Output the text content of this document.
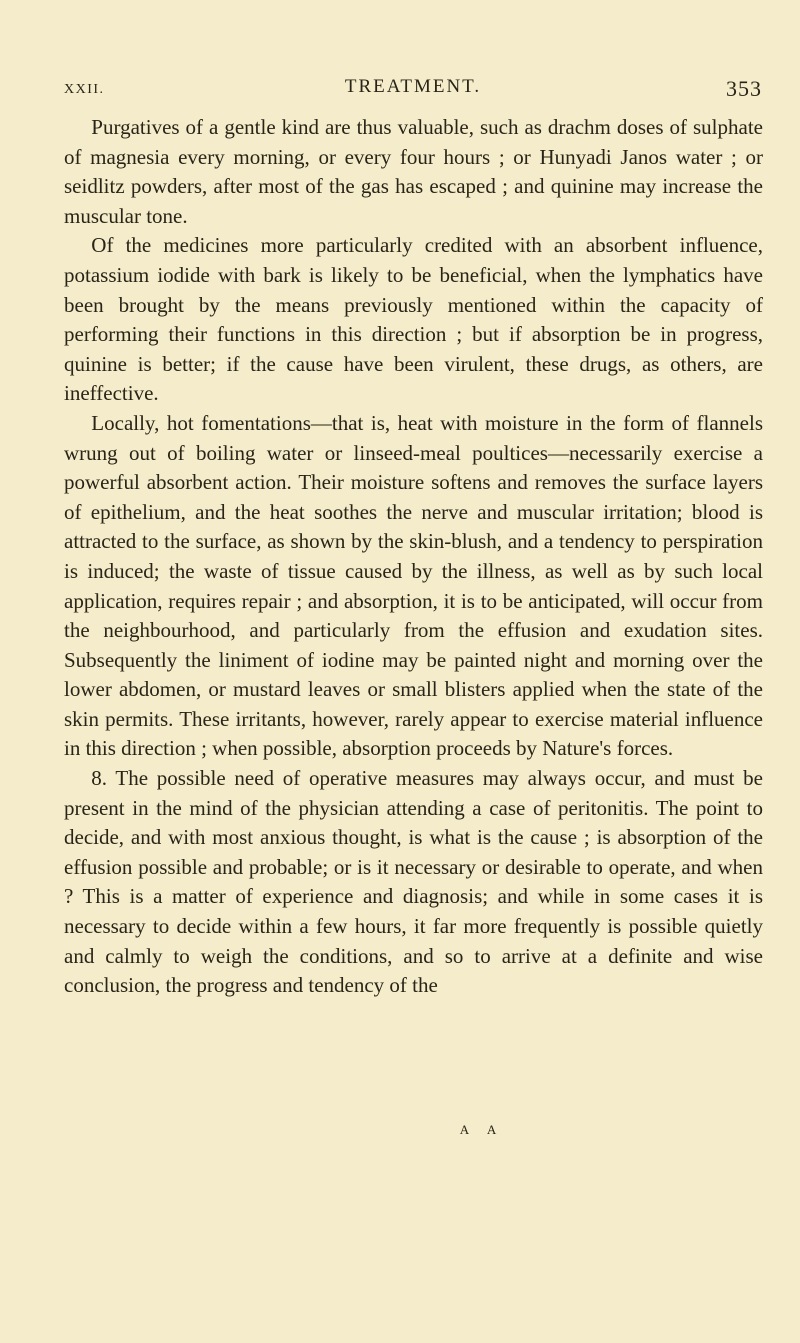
XXII.	TREATMENT.	353

Purgatives of a gentle kind are thus valuable, such as drachm doses of sulphate of magnesia every morning, or every four hours ; or Hunyadi Janos water ; or seidlitz powders, after most of the gas has escaped ; and quinine may increase the muscular tone.

Of the medicines more particularly credited with an absorbent influence, potassium iodide with bark is likely to be beneficial, when the lymphatics have been brought by the means previously mentioned within the capacity of performing their functions in this direction ; but if absorption be in progress, quinine is better; if the cause have been virulent, these drugs, as others, are ineffective.

Locally, hot fomentations—that is, heat with moisture in the form of flannels wrung out of boiling water or linseed-meal poultices—necessarily exercise a powerful absorbent action. Their moisture softens and removes the surface layers of epithelium, and the heat soothes the nerve and muscular irritation; blood is attracted to the surface, as shown by the skin-blush, and a tendency to perspiration is induced; the waste of tissue caused by the illness, as well as by such local application, requires repair ; and absorption, it is to be anticipated, will occur from the neighbourhood, and particularly from the effusion and exudation sites. Subsequently the liniment of iodine may be painted night and morning over the lower abdomen, or mustard leaves or small blisters applied when the state of the skin permits. These irritants, however, rarely appear to exercise material influence in this direction ; when possible, absorption proceeds by Nature's forces.

8. The possible need of operative measures may always occur, and must be present in the mind of the physician attending a case of peritonitis. The point to decide, and with most anxious thought, is what is the cause ; is absorption of the effusion possible and probable; or is it necessary or desirable to operate, and when ? This is a matter of experience and diagnosis; and while in some cases it is necessary to decide within a few hours, it far more frequently is possible quietly and calmly to weigh the conditions, and so to arrive at a definite and wise conclusion, the progress and tendency of the

A A
